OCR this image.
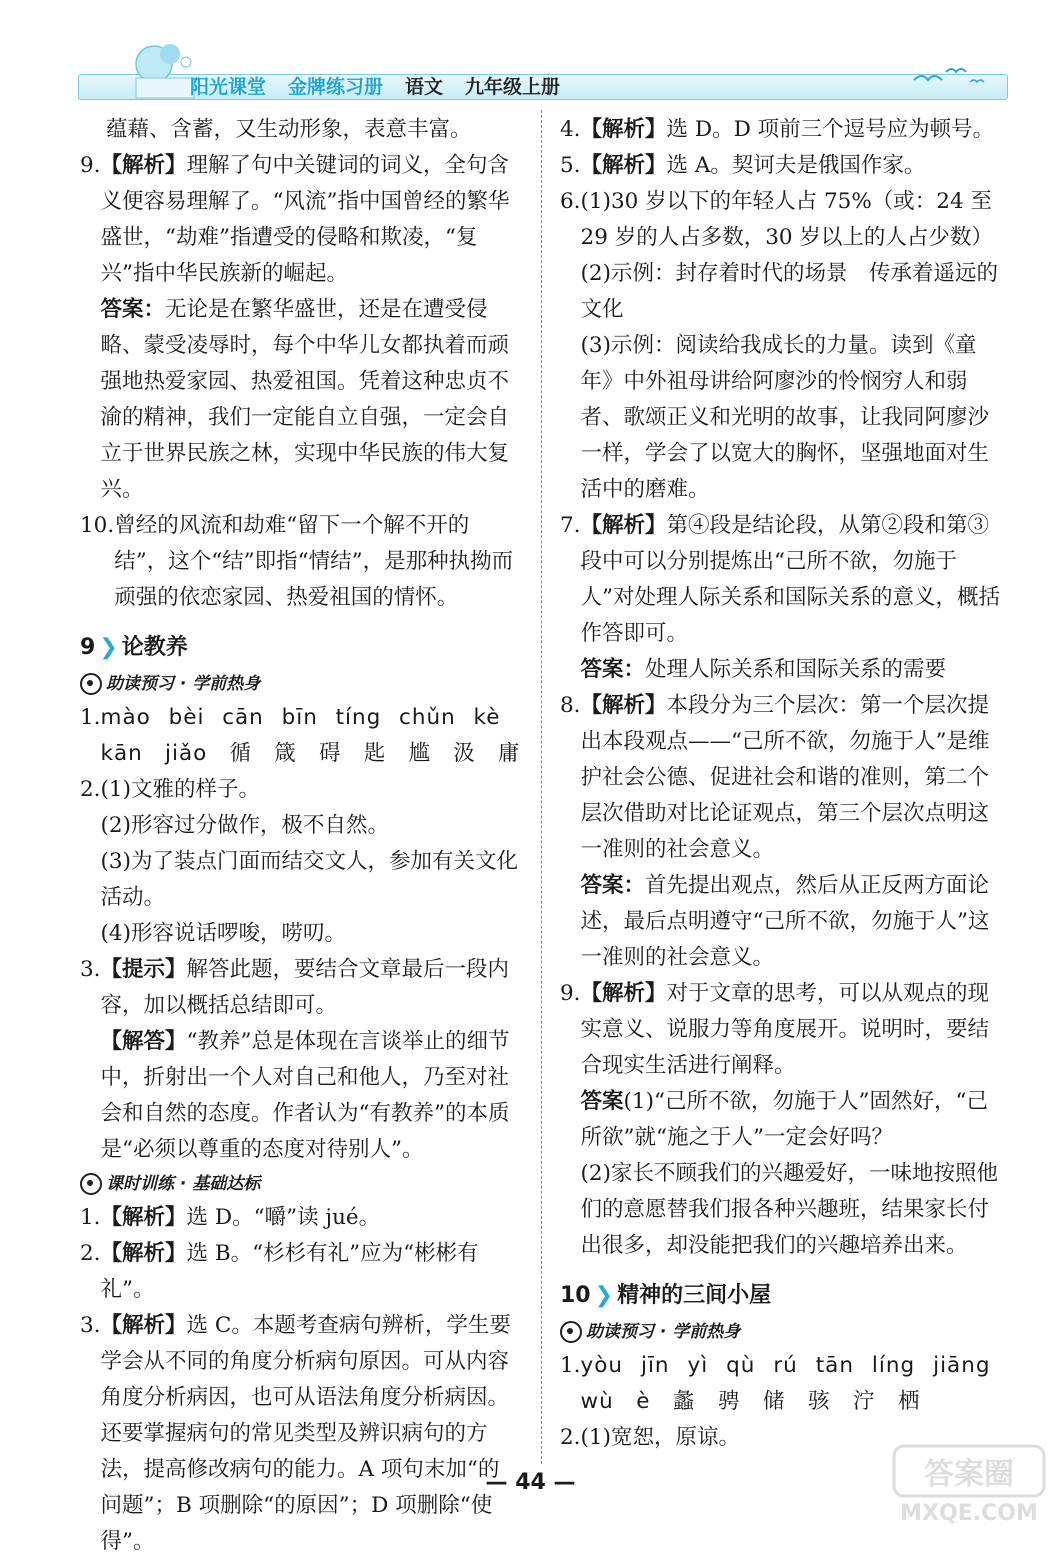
阳光课堂 金牌练习册 语文 九年级上册

蕴藉、含蓄，又生动形象，表意丰富。

9. 【解析】理解了句中关键词的词义，全句含义便容易理解了。“风流”指中国曾经的繁华盛世，“劫难”指遭受的侵略和欺凌，“复兴”指中华民族新的崛起。
答案：无论是在繁华盛世，还是在遭受侵略、蒙受凌辱时，每个中华儿女都执着而顽强地热爱家园、热爱祖国。凭着这种忠贞不渝的精神，我们一定能自立自强，一定会自立于世界民族之林，实现中华民族的伟大复兴。
10. 曾经的风流和劫难“留下一个解不开的结”，这个“结”即指“情结”，是那种执拗而顽强的依恋家园、热爱祖国的情怀。
9 ❯ 论教养
助读预习 · 学前热身
1. mào bèi cān bīn tíng chǔn kè
kān jiǎo 循 箴 碍 匙 尴 汲 庸
2. (1)文雅的样子。
(2)形容过分做作，极不自然。
(3)为了装点门面而结交文人，参加有关文化活动。
(4)形容说话啰唆，唠叨。
3. 【提示】解答此题，要结合文章最后一段内容，加以概括总结即可。
【解答】“教养”总是体现在言谈举止的细节中，折射出一个人对自己和他人，乃至对社会和自然的态度。作者认为“有教养”的本质是“必须以尊重的态度对待别人”。
课时训练 · 基础达标
1. 【解析】选 D。“嚼”读 jué。
2. 【解析】选 B。“杉杉有礼”应为“彬彬有礼”。
3. 【解析】选 C。本题考查病句辨析，学生要学会从不同的角度分析病句原因。可从内容角度分析病因，也可从语法角度分析病因。还要掌握病句的常见类型及辨识病句的方法，提高修改病句的能力。A 项句末加“的问题”；B 项删除“的原因”；D 项删除“使得”。
4. 【解析】选 D。D 项前三个逗号应为顿号。
5. 【解析】选 A。契诃夫是俄国作家。
6. (1)30 岁以下的年轻人占 75%（或：24 至 29 岁的人占多数，30 岁以上的人占少数）
(2)示例：封存着时代的场景　传承着遥远的文化
(3)示例：阅读给我成长的力量。读到《童年》中外祖母讲给阿廖沙的怜悯穷人和弱者、歌颂正义和光明的故事，让我同阿廖沙一样，学会了以宽大的胸怀，坚强地面对生活中的磨难。
7. 【解析】第④段是结论段，从第②段和第③段中可以分别提炼出“己所不欲，勿施于人”对处理人际关系和国际关系的意义，概括作答即可。
答案：处理人际关系和国际关系的需要
8. 【解析】本段分为三个层次：第一个层次提出本段观点——“己所不欲，勿施于人”是维护社会公德、促进社会和谐的准则，第二个层次借助对比论证观点，第三个层次点明这一准则的社会意义。
答案：首先提出观点，然后从正反两方面论述，最后点明遵守“己所不欲，勿施于人”这一准则的社会意义。
9. 【解析】对于文章的思考，可以从观点的现实意义、说服力等角度展开。说明时，要结合现实生活进行阐释。
答案(1)“己所不欲，勿施于人”固然好，“己所欲”就“施之于人”一定会好吗？
(2)家长不顾我们的兴趣爱好，一味地按照他们的意愿替我们报各种兴趣班，结果家长付出很多，却没能把我们的兴趣培养出来。
10 ❯ 精神的三间小屋
助读预习 · 学前热身
1. yòu jīn yì qù rú tān líng jiāng
wù è 蠡 骋 储 骇 泞 栖
2. (1)宽恕，原谅。
— 44 —	答案圈
MXQE.COM
